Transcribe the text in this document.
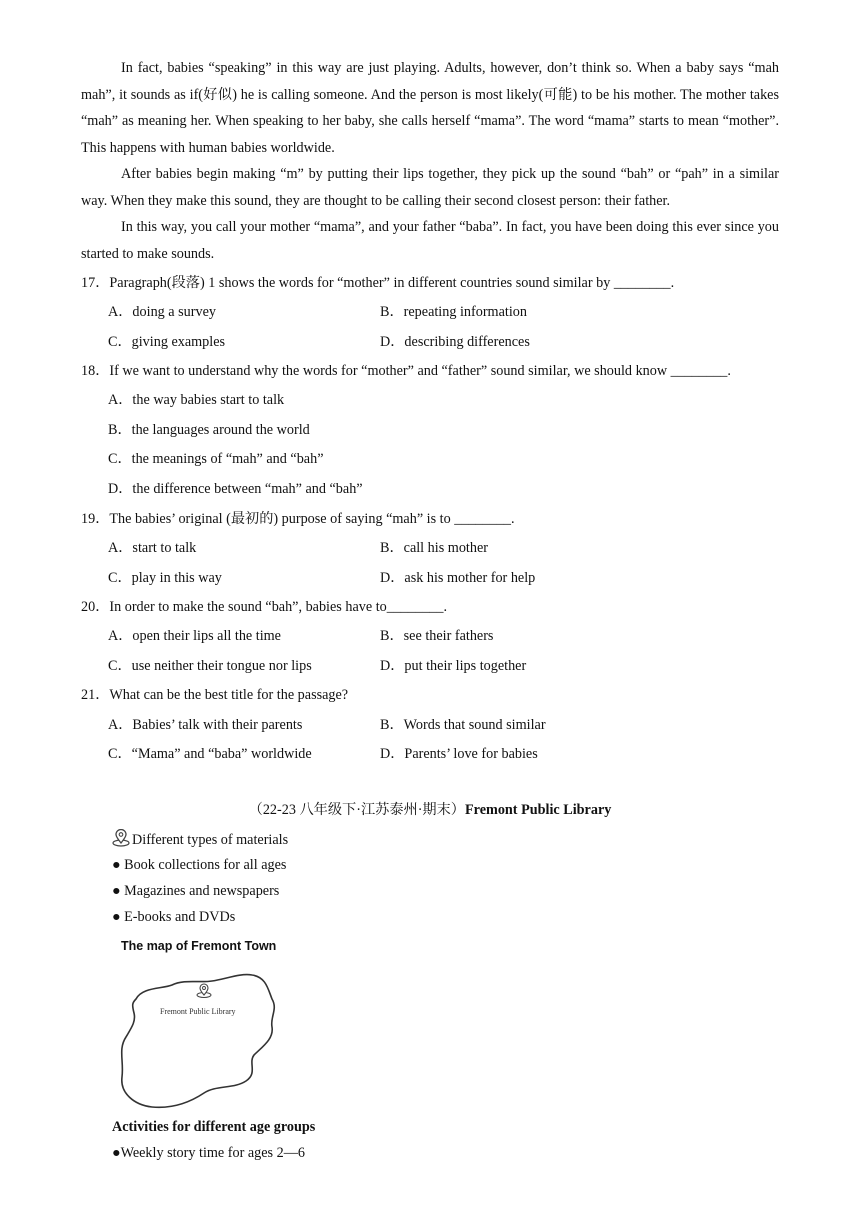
In fact, babies “speaking” in this way are just playing. Adults, however, don’t think so. When a baby says “mah mah”, it sounds as if(好似) he is calling someone. And the person is most likely(可能) to be his mother. The mother takes “mah” as meaning her. When speaking to her baby, she calls herself “mama”. The word “mama” starts to mean “mother”. This happens with human babies worldwide.

After babies begin making “m” by putting their lips together, they pick up the sound “bah” or “pah” in a similar way. When they make this sound, they are thought to be calling their second closest person: their father.

In this way, you call your mother “mama”, and your father “baba”. In fact, you have been doing this ever since you started to make sounds.

17．Paragraph(段落) 1 shows the words for “mother” in different countries sound similar by ________.
A．doing a survey	B．repeating information
C．giving examples	D．describing differences
18．If we want to understand why the words for “mother” and “father” sound similar, we should know ________.
A．the way babies start to talk
B．the languages around the world
C．the meanings of “mah” and “bah”
D．the difference between “mah” and “bah”
19．The babies’ original (最初的) purpose of saying “mah” is to ________.
A．start to talk	B．call his mother
C．play in this way	D．ask his mother for help
20．In order to make the sound “bah”, babies have to________.
A．open their lips all the time	B．see their fathers
C．use neither their tongue nor lips	D．put their lips together
21．What can be the best title for the passage?
A．Babies’ talk with their parents	B．Words that sound similar
C．“Mama” and “baba” worldwide	D．Parents’ love for babies
（22-23 八年级下·江苏泰州·期末）Fremont Public Library
Different types of materials
● Book collections for all ages
● Magazines and newspapers
● E-books and DVDs
The map of Fremont Town
Fremont Public Library
Activities for different age groups
●Weekly story time for ages 2—6
